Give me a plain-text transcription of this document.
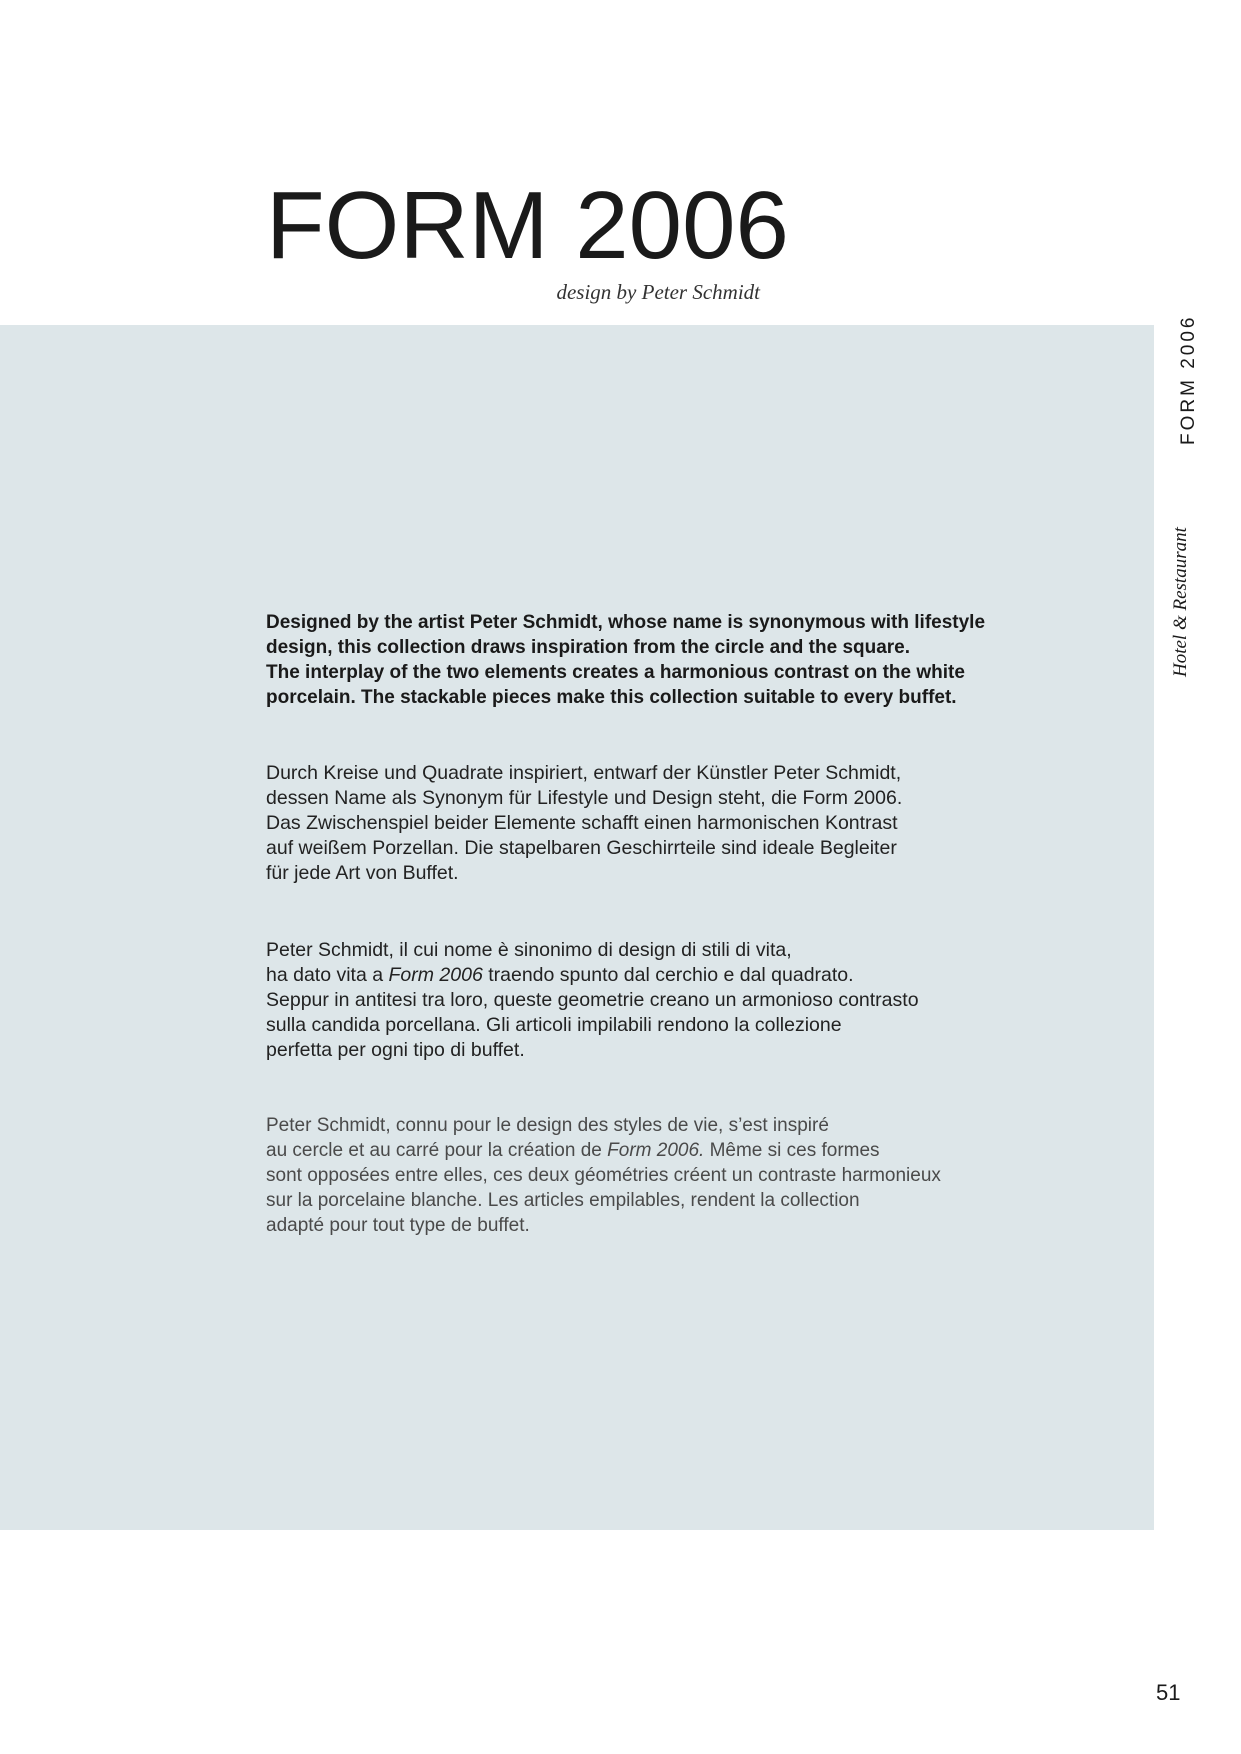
FORM 2006
design by Peter Schmidt

Designed by the artist Peter Schmidt, whose name is synonymous with lifestyle
design, this collection draws inspiration from the circle and the square.
The interplay of the two elements creates a harmonious contrast on the white
porcelain. The stackable pieces make this collection suitable to every buffet.

Durch Kreise und Quadrate inspiriert, entwarf der Künstler Peter Schmidt,
dessen Name als Synonym für Lifestyle und Design steht, die Form 2006.
Das Zwischenspiel beider Elemente schafft einen harmonischen Kontrast
auf weißem Porzellan. Die stapelbaren Geschirrteile sind ideale Begleiter
für jede Art von Buffet.

Peter Schmidt, il cui nome è sinonimo di design di stili di vita,
ha dato vita a Form 2006 traendo spunto dal cerchio e dal quadrato.
Seppur in antitesi tra loro, queste geometrie creano un armonioso contrasto
sulla candida porcellana. Gli articoli impilabili rendono la collezione
perfetta per ogni tipo di buffet.

Peter Schmidt, connu pour le design des styles de vie, s’est inspiré
au cercle et au carré pour la création de Form 2006. Même si ces formes
sont opposées entre elles, ces deux géométries créent un contraste harmonieux
sur la porcelaine blanche. Les articles empilables, rendent la collection
adapté pour tout type de buffet.

FORM 2006
Hotel & Restaurant
51
